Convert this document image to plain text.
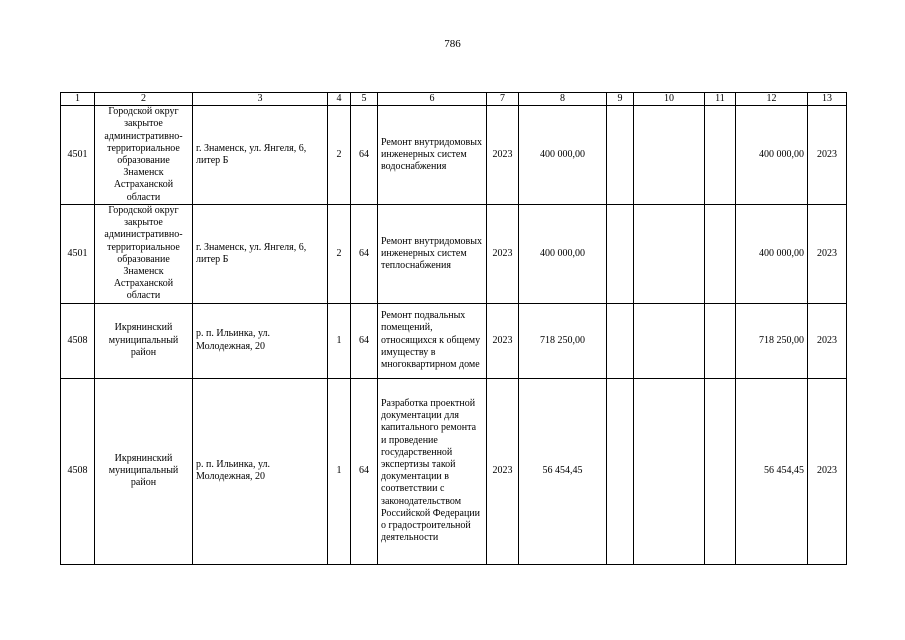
786
1	2	3	4	5	6	7	8	9	10	11	12	13
4501	Городской округ закрытое административно-территориальное образование Знаменск Астраханской области	г. Знаменск, ул. Янгеля, 6, литер Б	2	64	Ремонт внутридомовых инженерных систем водоснабжения	2023	400 000,00				400 000,00	2023
4501	Городской округ закрытое административно-территориальное образование Знаменск Астраханской области	г. Знаменск, ул. Янгеля, 6, литер Б	2	64	Ремонт внутридомовых инженерных систем теплоснабжения	2023	400 000,00				400 000,00	2023
4508	Икрянинский муниципальный район	р. п. Ильинка, ул. Молодежная, 20	1	64	Ремонт подвальных помещений, относящихся к общему имуществу в многоквартирном доме	2023	718 250,00				718 250,00	2023
4508	Икрянинский муниципальный район	р. п. Ильинка, ул. Молодежная, 20	1	64	Разработка проектной документации для капитального ремонта и проведение государственной экспертизы такой документации в соответствии с законодательством Российской Федерации о градостроительной деятельности	2023	56 454,45				56 454,45	2023
